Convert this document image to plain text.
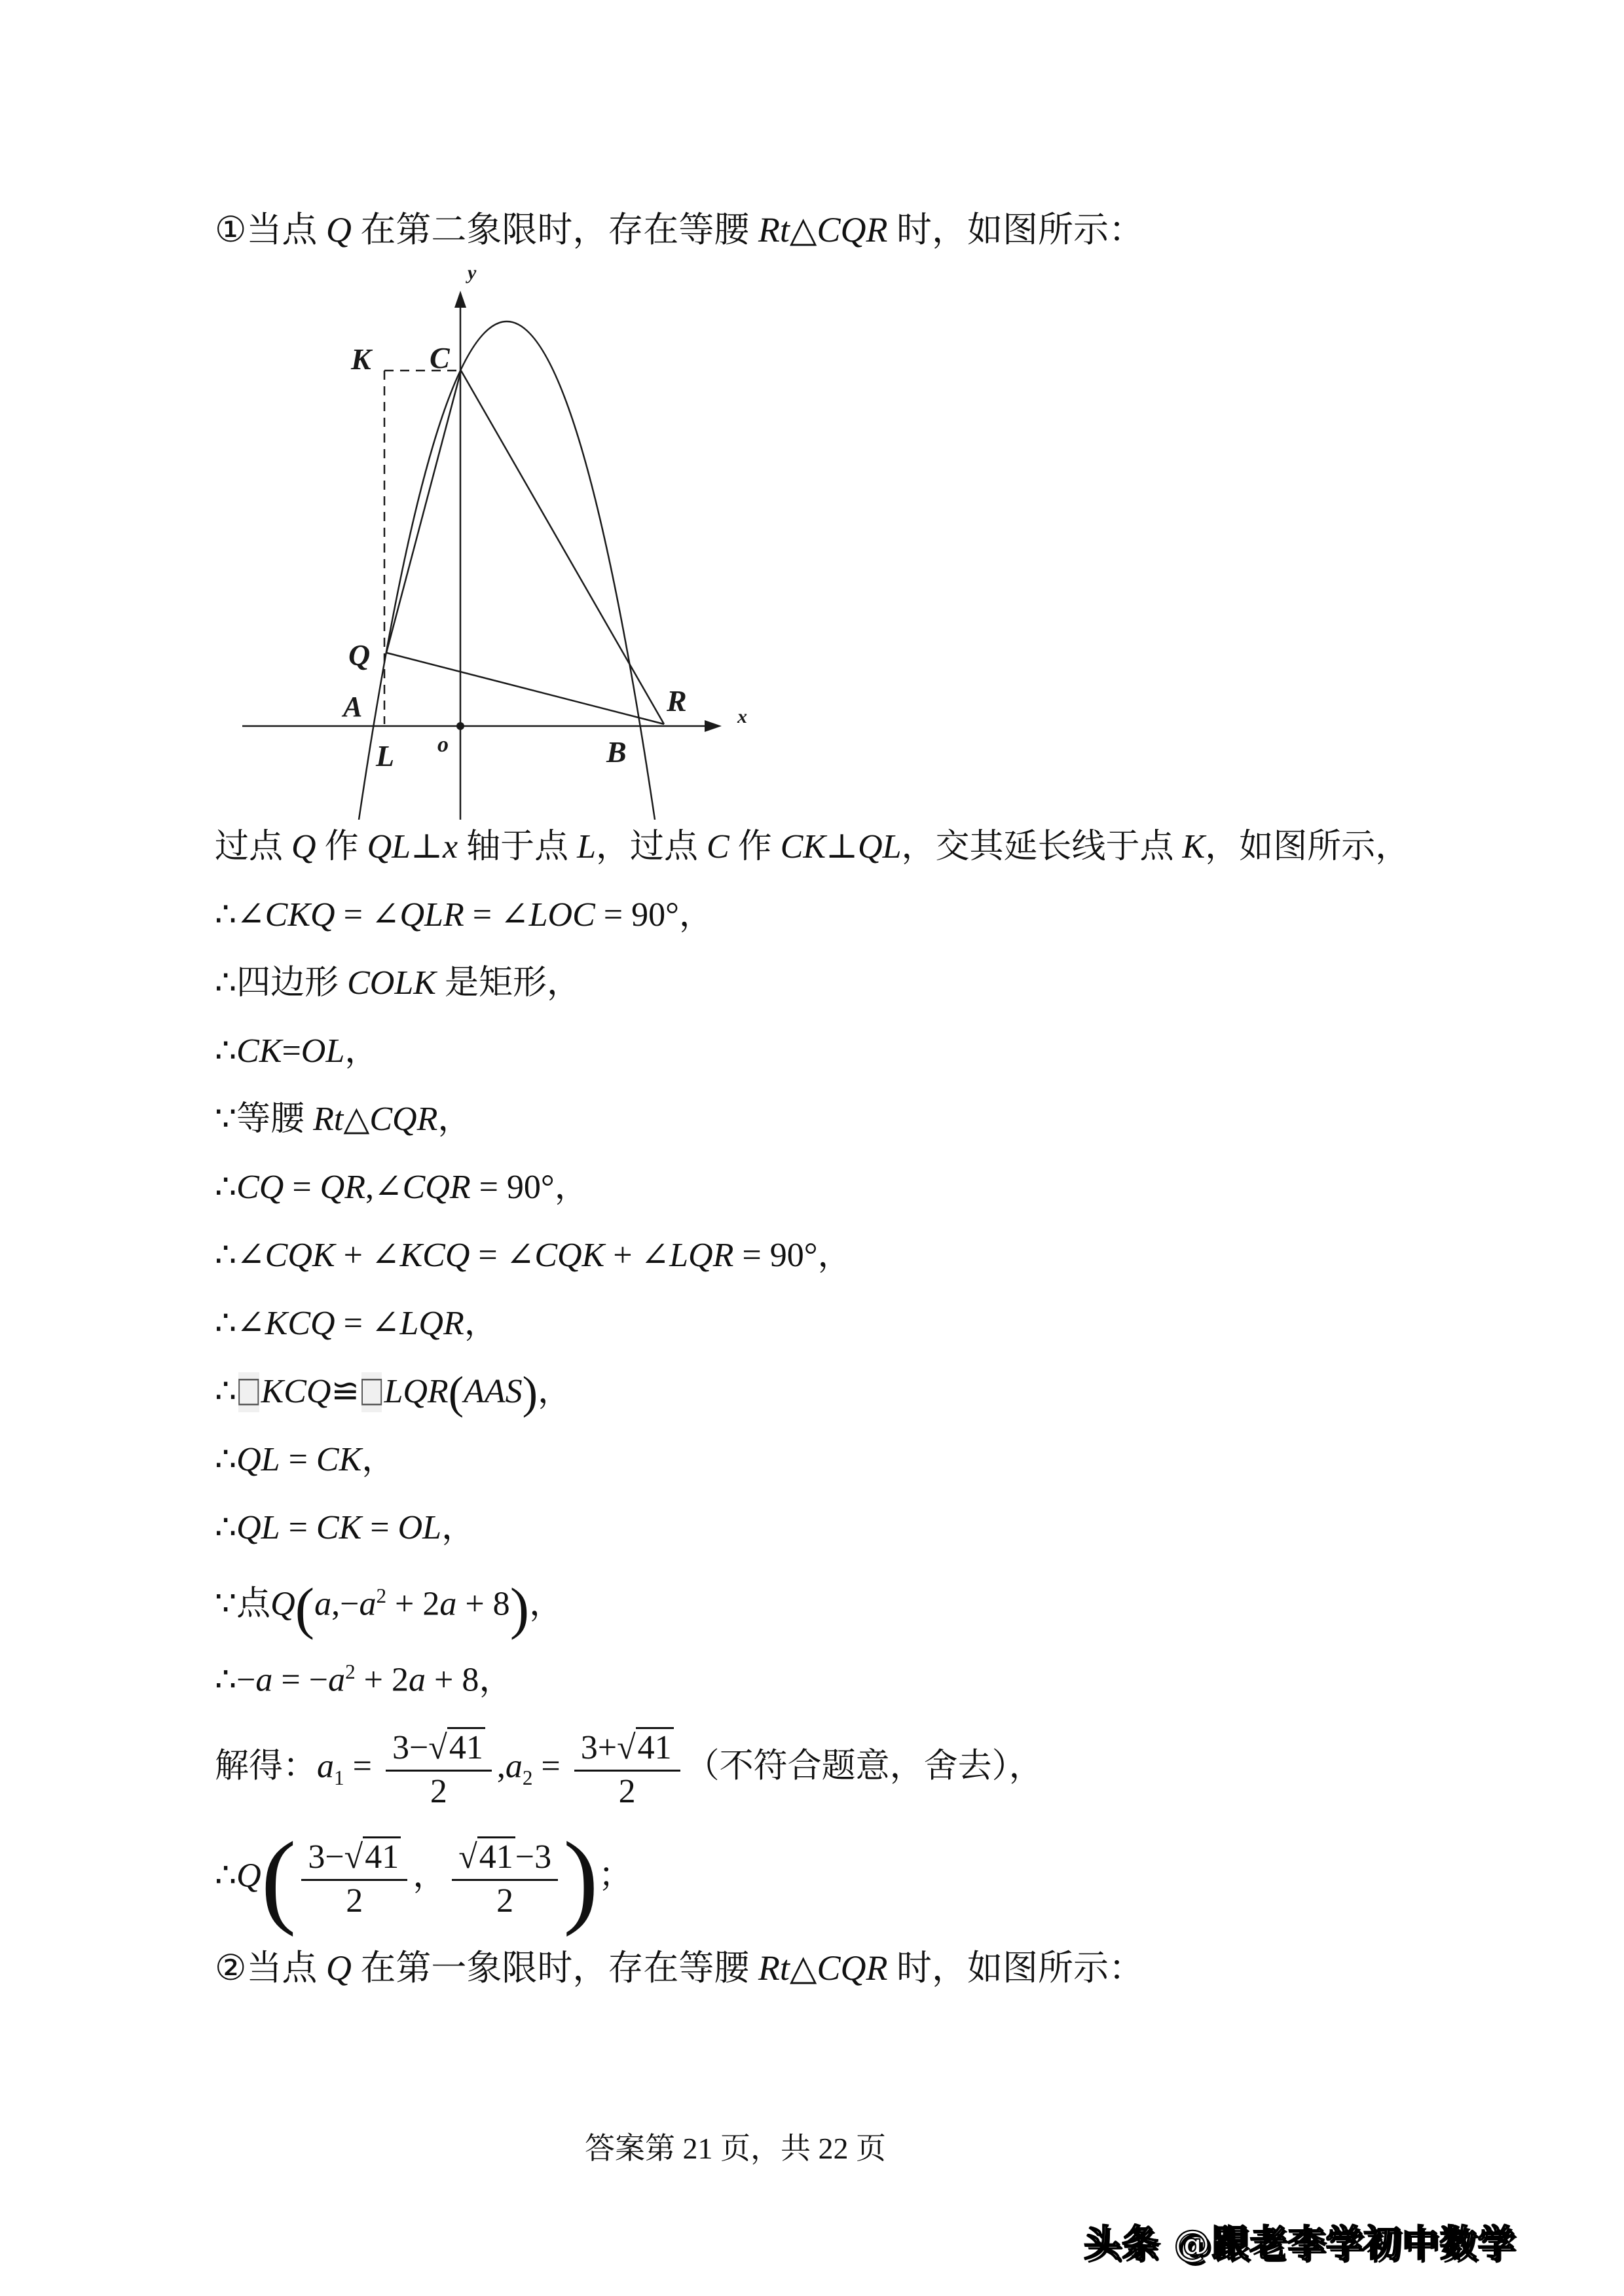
①当点 Q 在第二象限时，存在等腰 Rt△CQR 时，如图所示：
K C
Q
A
L o	B
R	x
y
过点 Q 作 QL⊥x 轴于点 L，过点 C 作 CK⊥QL，交其延长线于点 K，如图所示，
∴∠CKQ = ∠QLR = ∠LOC = 90°，
∴四边形 COLK 是矩形，
∴CK=OL，
∵等腰 Rt△CQR，
∴CQ = QR,∠CQR = 90°，
∴∠CQK + ∠KCQ = ∠CQK + ∠LQR = 90°，
∴∠KCQ = ∠LQR，
∴□KCQ≌□LQR(AAS)，
∴QL = CK，
∴QL = CK = OL，
∵点$Q(a,-a^2 + 2a + 8)$，
∴−a = $-a^2 + 2a + 8$，
解得：$a_1 = \frac{3-√41}{2} ,a_2 = \frac{3+√41}{2}$ （不符合题意，舍去），
∴Q( $\frac{3-√41}{2}$ ， $\frac{√41-3}{2}$ )；
②当点 Q 在第一象限时，存在等腰 Rt△CQR 时，如图所示：
答案第 21 页，共 22 页
头条 @跟老李学初中数学
